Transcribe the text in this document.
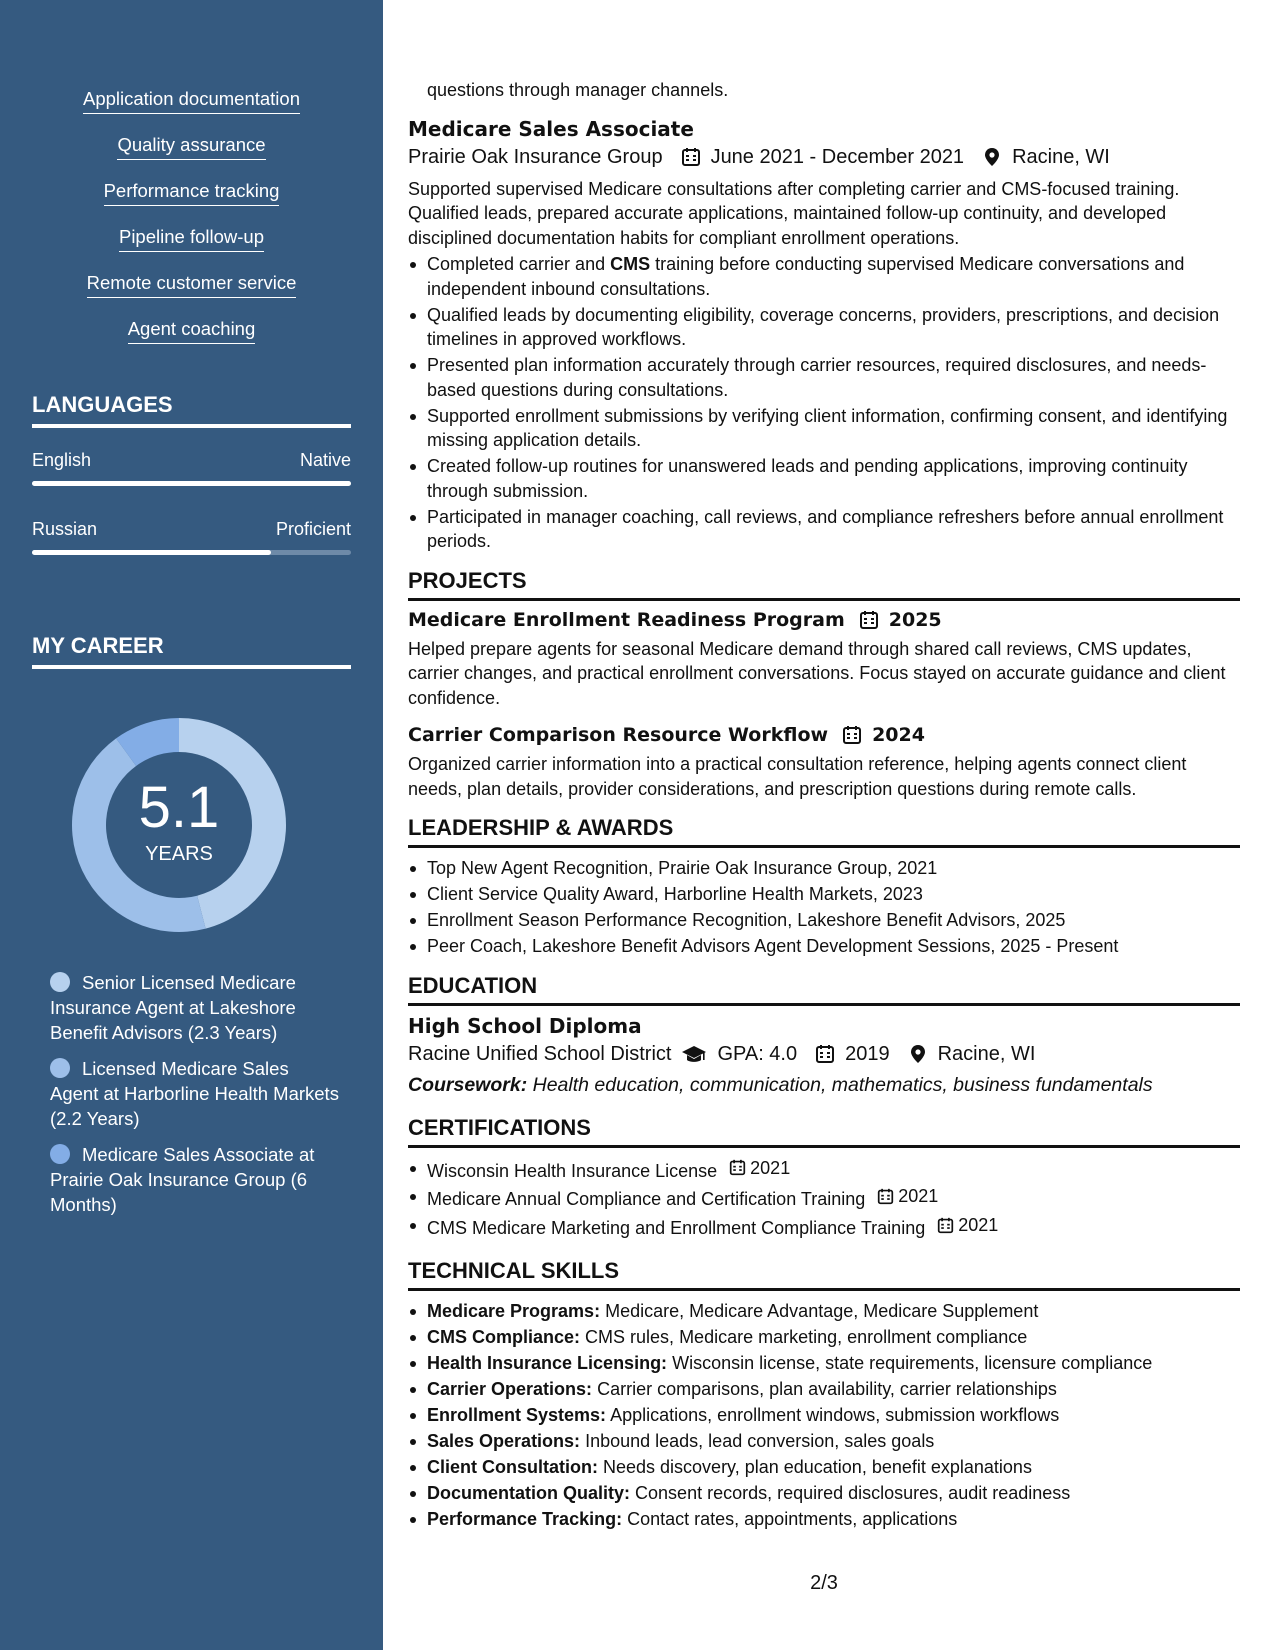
Application documentation
Quality assurance
Performance tracking
Pipeline follow-up
Remote customer service
Agent coaching
LANGUAGES
English	Native
Russian	Proficient
MY CAREER
5.1
YEARS
Senior Licensed Medicare Insurance Agent at Lakeshore Benefit Advisors (2.3 Years)
Licensed Medicare Sales Agent at Harborline Health Markets (2.2 Years)
Medicare Sales Associate at Prairie Oak Insurance Group (6 Months)
questions through manager channels.
Medicare Sales Associate
Prairie Oak Insurance Group June 2021 - December 2021 Racine, WI
Supported supervised Medicare consultations after completing carrier and CMS-focused training. Qualified leads, prepared accurate applications, maintained follow-up continuity, and developed disciplined documentation habits for compliant enrollment operations.
Completed carrier and CMS training before conducting supervised Medicare conversations and independent inbound consultations.
Qualified leads by documenting eligibility, coverage concerns, providers, prescriptions, and decision timelines in approved workflows.
Presented plan information accurately through carrier resources, required disclosures, and needs-based questions during consultations.
Supported enrollment submissions by verifying client information, confirming consent, and identifying missing application details.
Created follow-up routines for unanswered leads and pending applications, improving continuity through submission.
Participated in manager coaching, call reviews, and compliance refreshers before annual enrollment periods.
PROJECTS
Medicare Enrollment Readiness Program 2025
Helped prepare agents for seasonal Medicare demand through shared call reviews, CMS updates, carrier changes, and practical enrollment conversations. Focus stayed on accurate guidance and client confidence.
Carrier Comparison Resource Workflow 2024
Organized carrier information into a practical consultation reference, helping agents connect client needs, plan details, provider considerations, and prescription questions during remote calls.
LEADERSHIP & AWARDS
Top New Agent Recognition, Prairie Oak Insurance Group, 2021
Client Service Quality Award, Harborline Health Markets, 2023
Enrollment Season Performance Recognition, Lakeshore Benefit Advisors, 2025
Peer Coach, Lakeshore Benefit Advisors Agent Development Sessions, 2025 - Present
EDUCATION
High School Diploma
Racine Unified School District GPA: 4.0 2019 Racine, WI
Coursework: Health education, communication, mathematics, business fundamentals
CERTIFICATIONS
Wisconsin Health Insurance License 2021
Medicare Annual Compliance and Certification Training 2021
CMS Medicare Marketing and Enrollment Compliance Training 2021
TECHNICAL SKILLS
Medicare Programs: Medicare, Medicare Advantage, Medicare Supplement
CMS Compliance: CMS rules, Medicare marketing, enrollment compliance
Health Insurance Licensing: Wisconsin license, state requirements, licensure compliance
Carrier Operations: Carrier comparisons, plan availability, carrier relationships
Enrollment Systems: Applications, enrollment windows, submission workflows
Sales Operations: Inbound leads, lead conversion, sales goals
Client Consultation: Needs discovery, plan education, benefit explanations
Documentation Quality: Consent records, required disclosures, audit readiness
Performance Tracking: Contact rates, appointments, applications
2/3
